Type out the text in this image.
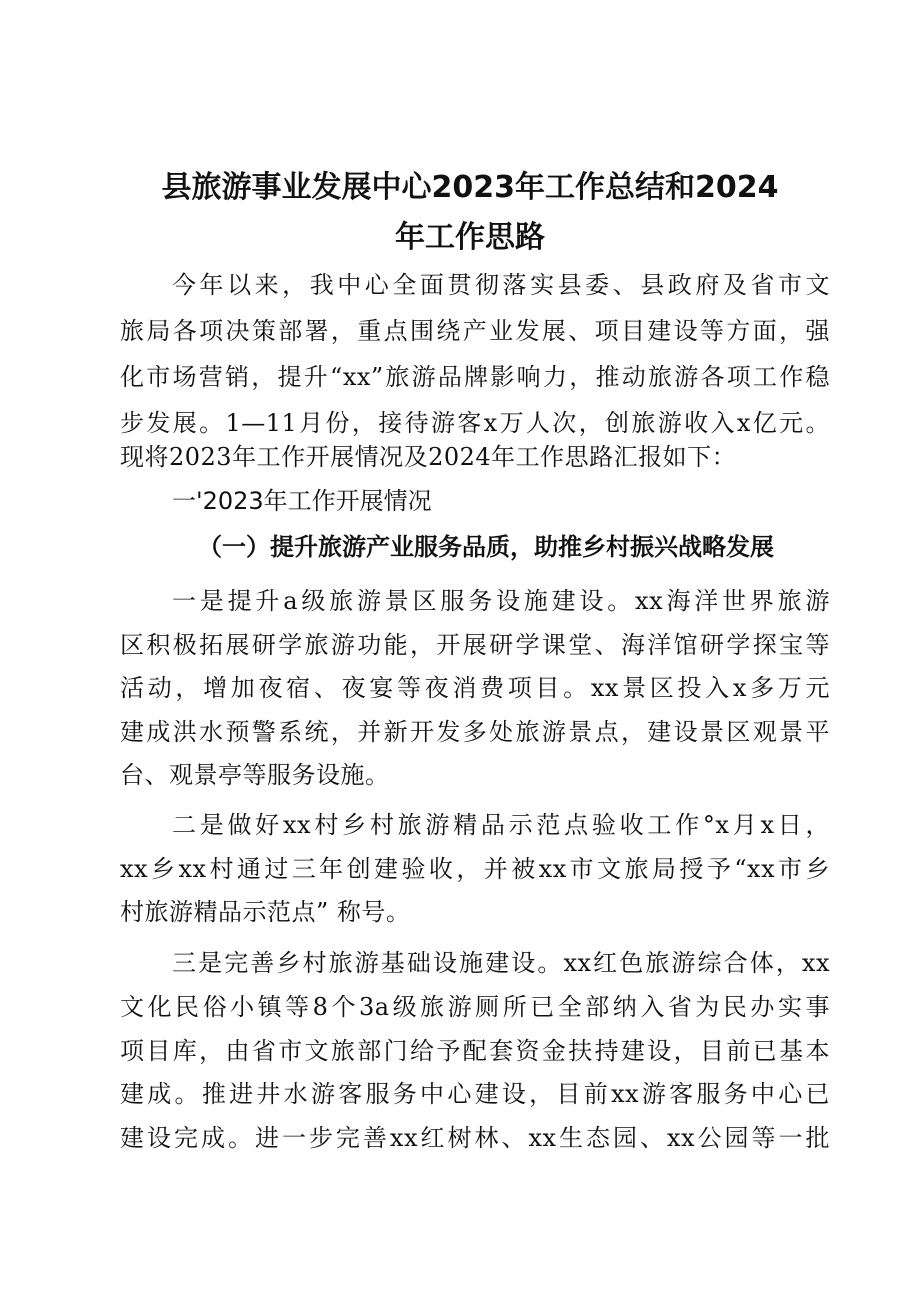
县旅游事业发展中心2023年工作总结和2024
年工作思路
今年以来，我中心全面贯彻落实县委、县政府及省市文
旅局各项决策部署，重点围绕产业发展、项目建设等方面，强
化市场营销，提升“xx”旅游品牌影响力，推动旅游各项工作稳
步发展。1—11月份，接待游客x万人次，创旅游收入x亿元。
现将2023年工作开展情况及2024年工作思路汇报如下：
一'2023年工作开展情况
（一）提升旅游产业服务品质，助推乡村振兴战略发展
一是提升a级旅游景区服务设施建设。xx海洋世界旅游
区积极拓展研学旅游功能，开展研学课堂、海洋馆研学探宝等
活动，增加夜宿、夜宴等夜消费项目。xx景区投入x多万元
建成洪水预警系统，并新开发多处旅游景点，建设景区观景平
台、观景亭等服务设施。
二是做好xx村乡村旅游精品示范点验收工作°x月x日，
xx乡xx村通过三年创建验收，并被xx市文旅局授予“xx市乡
村旅游精品示范点” 称号。
三是完善乡村旅游基础设施建设。xx红色旅游综合体，xx
文化民俗小镇等8个3a级旅游厕所已全部纳入省为民办实事
项目库，由省市文旅部门给予配套资金扶持建设，目前已基本
建成。推进井水游客服务中心建设，目前xx游客服务中心已
建设完成。进一步完善xx红树林、xx生态园、xx公园等一批
